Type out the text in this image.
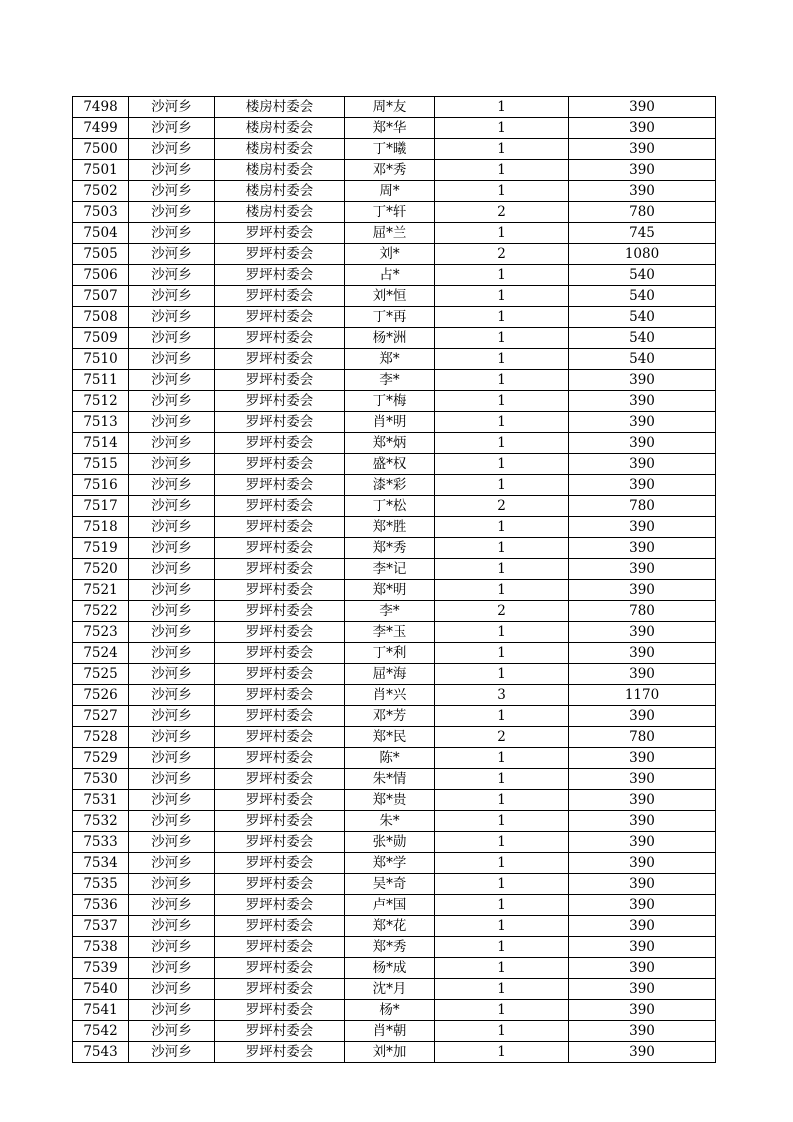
7498	沙河乡	楼房村委会	周*友	1	390
7499	沙河乡	楼房村委会	郑*华	1	390
7500	沙河乡	楼房村委会	丁*曦	1	390
7501	沙河乡	楼房村委会	邓*秀	1	390
7502	沙河乡	楼房村委会	周*	1	390
7503	沙河乡	楼房村委会	丁*轩	2	780
7504	沙河乡	罗坪村委会	屈*兰	1	745
7505	沙河乡	罗坪村委会	刘*	2	1080
7506	沙河乡	罗坪村委会	占*	1	540
7507	沙河乡	罗坪村委会	刘*恒	1	540
7508	沙河乡	罗坪村委会	丁*再	1	540
7509	沙河乡	罗坪村委会	杨*洲	1	540
7510	沙河乡	罗坪村委会	郑*	1	540
7511	沙河乡	罗坪村委会	李*	1	390
7512	沙河乡	罗坪村委会	丁*梅	1	390
7513	沙河乡	罗坪村委会	肖*明	1	390
7514	沙河乡	罗坪村委会	郑*炳	1	390
7515	沙河乡	罗坪村委会	盛*权	1	390
7516	沙河乡	罗坪村委会	漆*彩	1	390
7517	沙河乡	罗坪村委会	丁*松	2	780
7518	沙河乡	罗坪村委会	郑*胜	1	390
7519	沙河乡	罗坪村委会	郑*秀	1	390
7520	沙河乡	罗坪村委会	李*记	1	390
7521	沙河乡	罗坪村委会	郑*明	1	390
7522	沙河乡	罗坪村委会	李*	2	780
7523	沙河乡	罗坪村委会	李*玉	1	390
7524	沙河乡	罗坪村委会	丁*利	1	390
7525	沙河乡	罗坪村委会	屈*海	1	390
7526	沙河乡	罗坪村委会	肖*兴	3	1170
7527	沙河乡	罗坪村委会	邓*芳	1	390
7528	沙河乡	罗坪村委会	郑*民	2	780
7529	沙河乡	罗坪村委会	陈*	1	390
7530	沙河乡	罗坪村委会	朱*情	1	390
7531	沙河乡	罗坪村委会	郑*贵	1	390
7532	沙河乡	罗坪村委会	朱*	1	390
7533	沙河乡	罗坪村委会	张*勋	1	390
7534	沙河乡	罗坪村委会	郑*学	1	390
7535	沙河乡	罗坪村委会	吴*奇	1	390
7536	沙河乡	罗坪村委会	卢*国	1	390
7537	沙河乡	罗坪村委会	郑*花	1	390
7538	沙河乡	罗坪村委会	郑*秀	1	390
7539	沙河乡	罗坪村委会	杨*成	1	390
7540	沙河乡	罗坪村委会	沈*月	1	390
7541	沙河乡	罗坪村委会	杨*	1	390
7542	沙河乡	罗坪村委会	肖*朝	1	390
7543	沙河乡	罗坪村委会	刘*加	1	390
